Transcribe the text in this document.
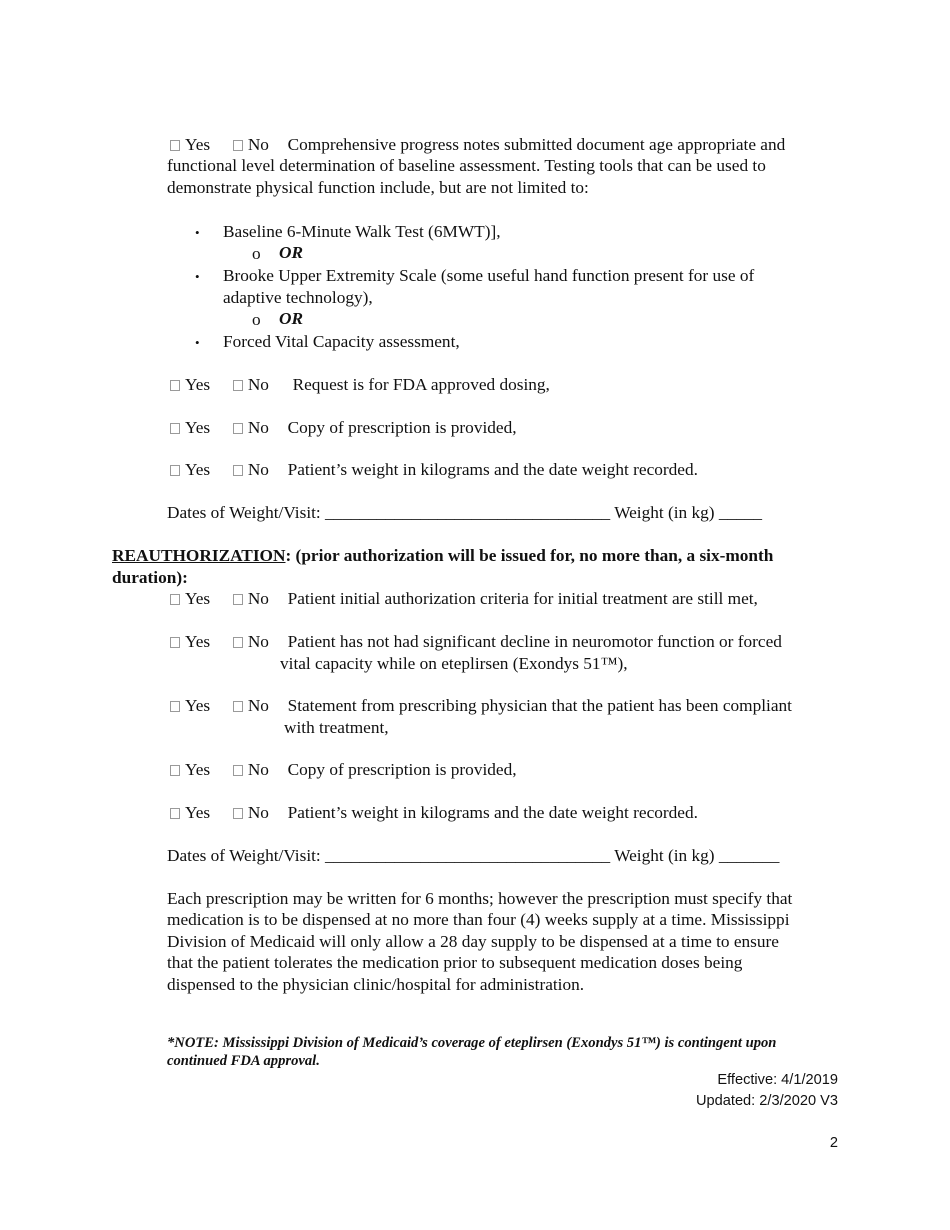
Yes No Comprehensive progress notes submitted document age appropriate and
functional level determination of baseline assessment. Testing tools that can be used to
demonstrate physical function include, but are not limited to:
• Baseline 6-Minute Walk Test (6MWT)],
o OR
• Brooke Upper Extremity Scale (some useful hand function present for use of
adaptive technology),
o OR
• Forced Vital Capacity assessment,
Yes No Request is for FDA approved dosing,
Yes No Copy of prescription is provided,
Yes No Patient’s weight in kilograms and the date weight recorded.
Dates of Weight/Visit: _________________________________ Weight (in kg) _____
REAUTHORIZATION: (prior authorization will be issued for, no more than, a six-month
duration):
Yes No Patient initial authorization criteria for initial treatment are still met,
Yes No Patient has not had significant decline in neuromotor function or forced
vital capacity while on eteplirsen (Exondys 51™),
Yes No Statement from prescribing physician that the patient has been compliant
with treatment,
Yes No Copy of prescription is provided,
Yes No Patient’s weight in kilograms and the date weight recorded.
Dates of Weight/Visit: _________________________________ Weight (in kg) _______
Each prescription may be written for 6 months; however the prescription must specify that
medication is to be dispensed at no more than four (4) weeks supply at a time. Mississippi
Division of Medicaid will only allow a 28 day supply to be dispensed at a time to ensure
that the patient tolerates the medication prior to subsequent medication doses being
dispensed to the physician clinic/hospital for administration.
*NOTE: Mississippi Division of Medicaid’s coverage of eteplirsen (Exondys 51™) is contingent upon
continued FDA approval.
Effective: 4/1/2019
Updated: 2/3/2020 V3
2
